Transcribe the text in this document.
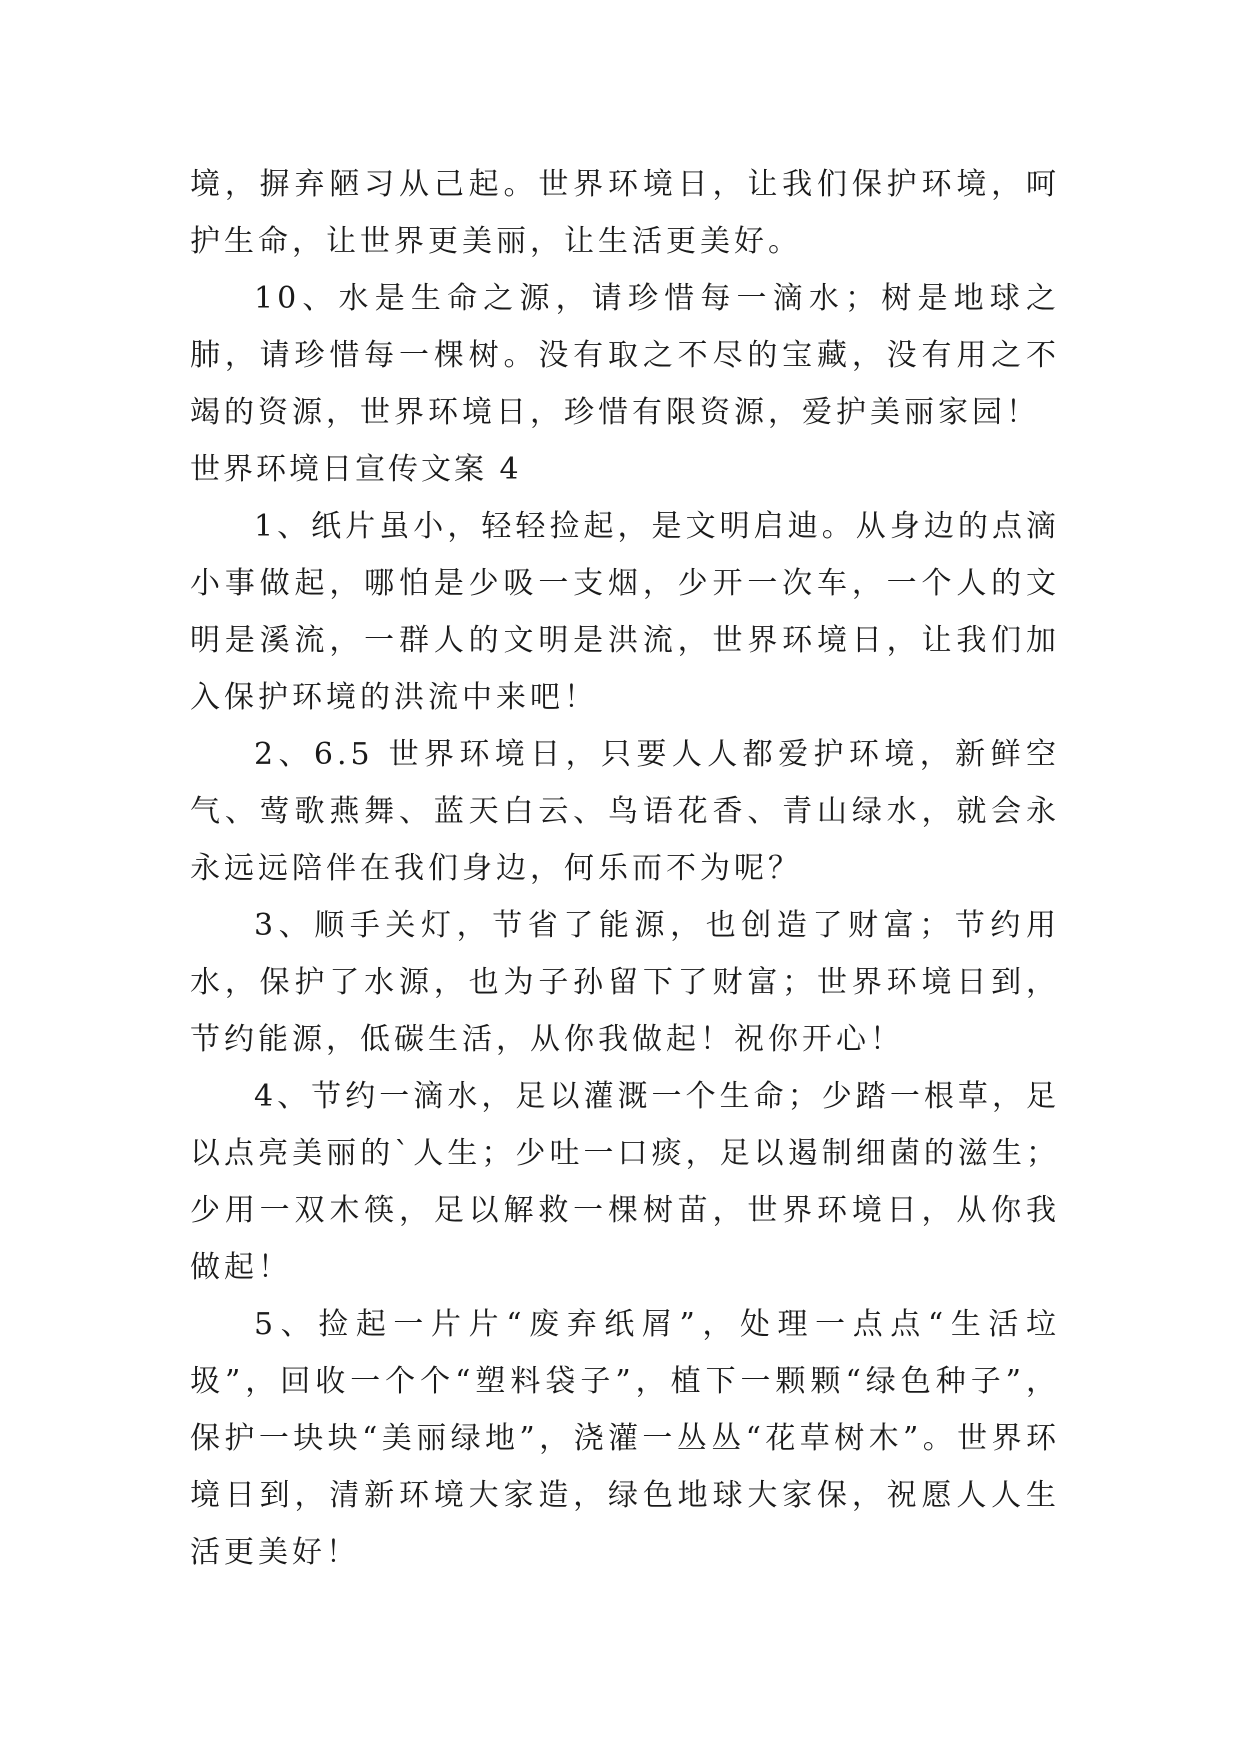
境，摒弃陋习从己起。世界环境日，让我们保护环境，呵护生命，让世界更美丽，让生活更美好。

10、水是生命之源，请珍惜每一滴水；树是地球之肺，请珍惜每一棵树。没有取之不尽的宝藏，没有用之不竭的资源，世界环境日，珍惜有限资源，爱护美丽家园！

世界环境日宣传文案 4

1、纸片虽小，轻轻捡起，是文明启迪。从身边的点滴小事做起，哪怕是少吸一支烟，少开一次车，一个人的文明是溪流，一群人的文明是洪流，世界环境日，让我们加入保护环境的洪流中来吧！

2、6.5 世界环境日，只要人人都爱护环境，新鲜空气、莺歌燕舞、蓝天白云、鸟语花香、青山绿水，就会永永远远陪伴在我们身边，何乐而不为呢？

3、顺手关灯，节省了能源，也创造了财富；节约用水，保护了水源，也为子孙留下了财富；世界环境日到，节约能源，低碳生活，从你我做起！祝你开心！

4、节约一滴水，足以灌溉一个生命；少踏一根草，足以点亮美丽的`人生；少吐一口痰，足以遏制细菌的滋生；少用一双木筷，足以解救一棵树苗，世界环境日，从你我做起！

5、捡起一片片“废弃纸屑”，处理一点点“生活垃圾”，回收一个个“塑料袋子”，植下一颗颗“绿色种子”，保护一块块“美丽绿地”，浇灌一丛丛“花草树木”。世界环境日到，清新环境大家造，绿色地球大家保，祝愿人人生活更美好！
